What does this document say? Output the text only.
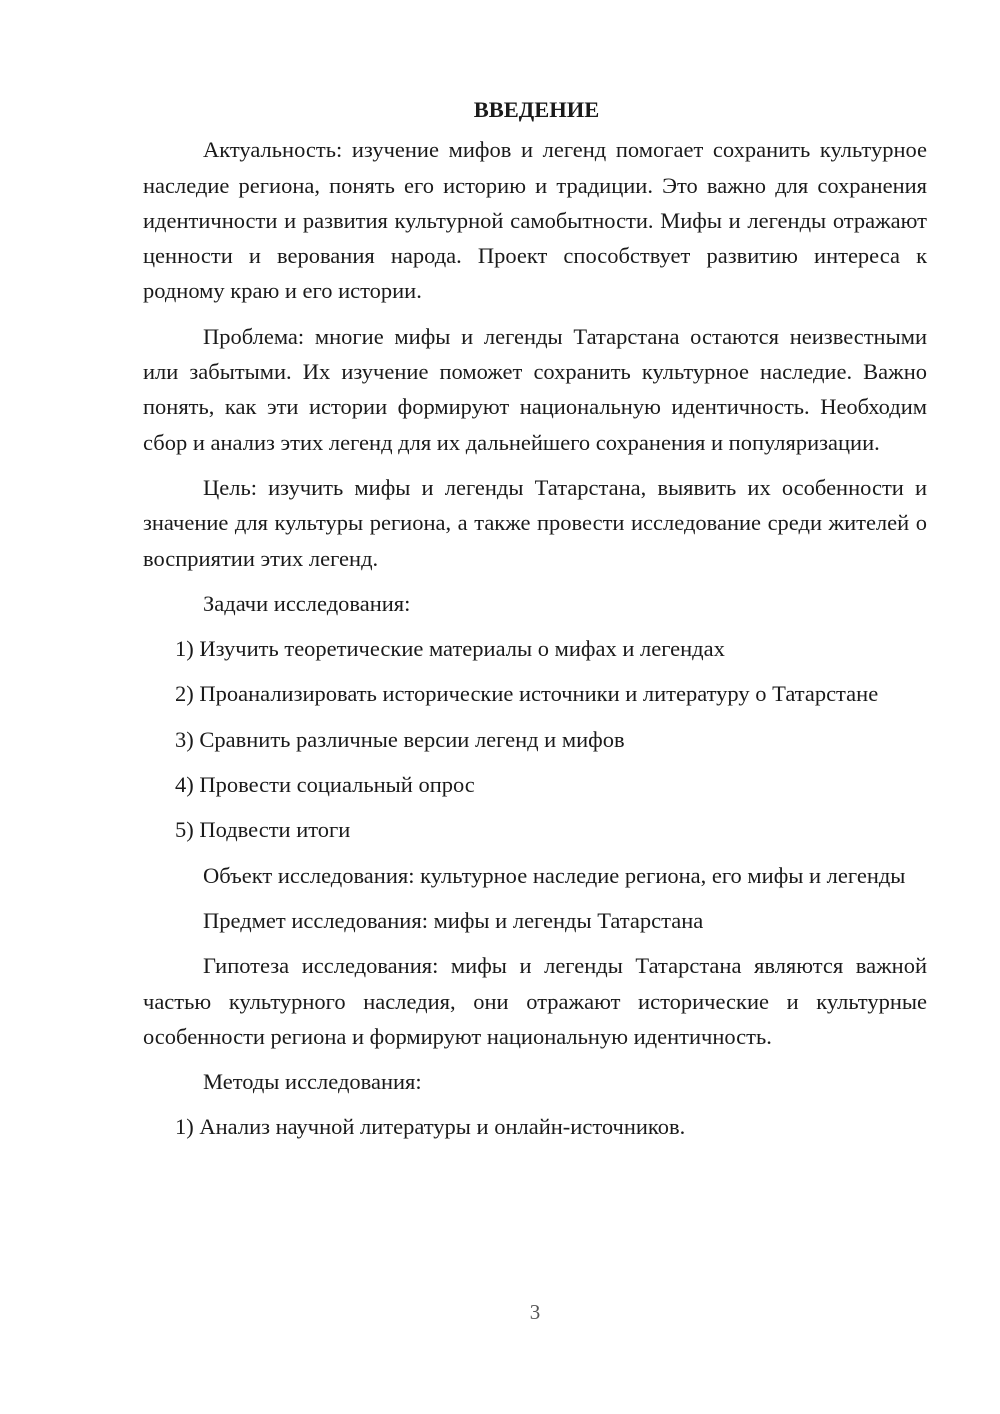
ВВЕДЕНИЕ

Актуальность: изучение мифов и легенд помогает сохранить культурное наследие региона, понять его историю и традиции. Это важно для сохранения идентичности и развития культурной самобытности. Мифы и легенды отражают ценности и верования народа. Проект способствует развитию интереса к родному краю и его истории.

Проблема: многие мифы и легенды Татарстана остаются неизвестными или забытыми. Их изучение поможет сохранить культурное наследие. Важно понять, как эти истории формируют национальную идентичность. Необходим сбор и анализ этих легенд для их дальнейшего сохранения и популяризации.

Цель: изучить мифы и легенды Татарстана, выявить их особенности и значение для культуры региона, а также провести исследование среди жителей о восприятии этих легенд.

Задачи исследования:

1) Изучить теоретические материалы о мифах и легендах

2) Проанализировать исторические источники и литературу о Татарстане

3) Сравнить различные версии легенд и мифов

4) Провести социальный опрос

5) Подвести итоги

Объект исследования: культурное наследие региона, его мифы и легенды

Предмет исследования: мифы и легенды Татарстана

Гипотеза исследования: мифы и легенды Татарстана являются важной частью культурного наследия, они отражают исторические и культурные особенности региона и формируют национальную идентичность.

Методы исследования:

1) Анализ научной литературы и онлайн-источников.

3
